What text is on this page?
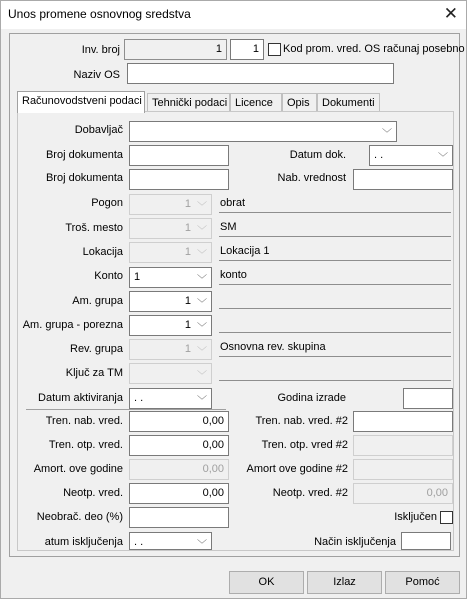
Unos promene osnovnog sredstva	✕
Inv. broj	1	1	Kod prom. vred. OS računaj posebno
Naziv OS
Računovodstveni podaci Tehnički podaci Licence	Opis	Dokumenti
Dobavljač	﹀
Broj dokumenta	Datum dok.	. .	﹀
Broj dokumenta	Nab. vrednost
Pogon	1 ﹀ obrat
Troš. mesto	1 ﹀ SM
Lokacija	1 ﹀ Lokacija 1
Konto	1	﹀ konto
Am. grupa	1 ﹀
Am. grupa - porezna	1 ﹀
Rev. grupa	1 ﹀ Osnovna rev. skupina
Ključ za TM	﹀
Datum aktiviranja	. .	﹀	Godina izrade
Tren. nab. vred.	0,00	Tren. nab. vred. #2
Tren. otp. vred.	0,00	Tren. otp. vred #2
Amort. ove godine	0,00	Amort ove godine #2
Neotp. vred.	0,00	Neotp. vred. #2	0,00
Neobrač. deo (%)	Isključen
atum isključenja	. .	﹀	Način isključenja
OK	Izlaz	Pomoć
